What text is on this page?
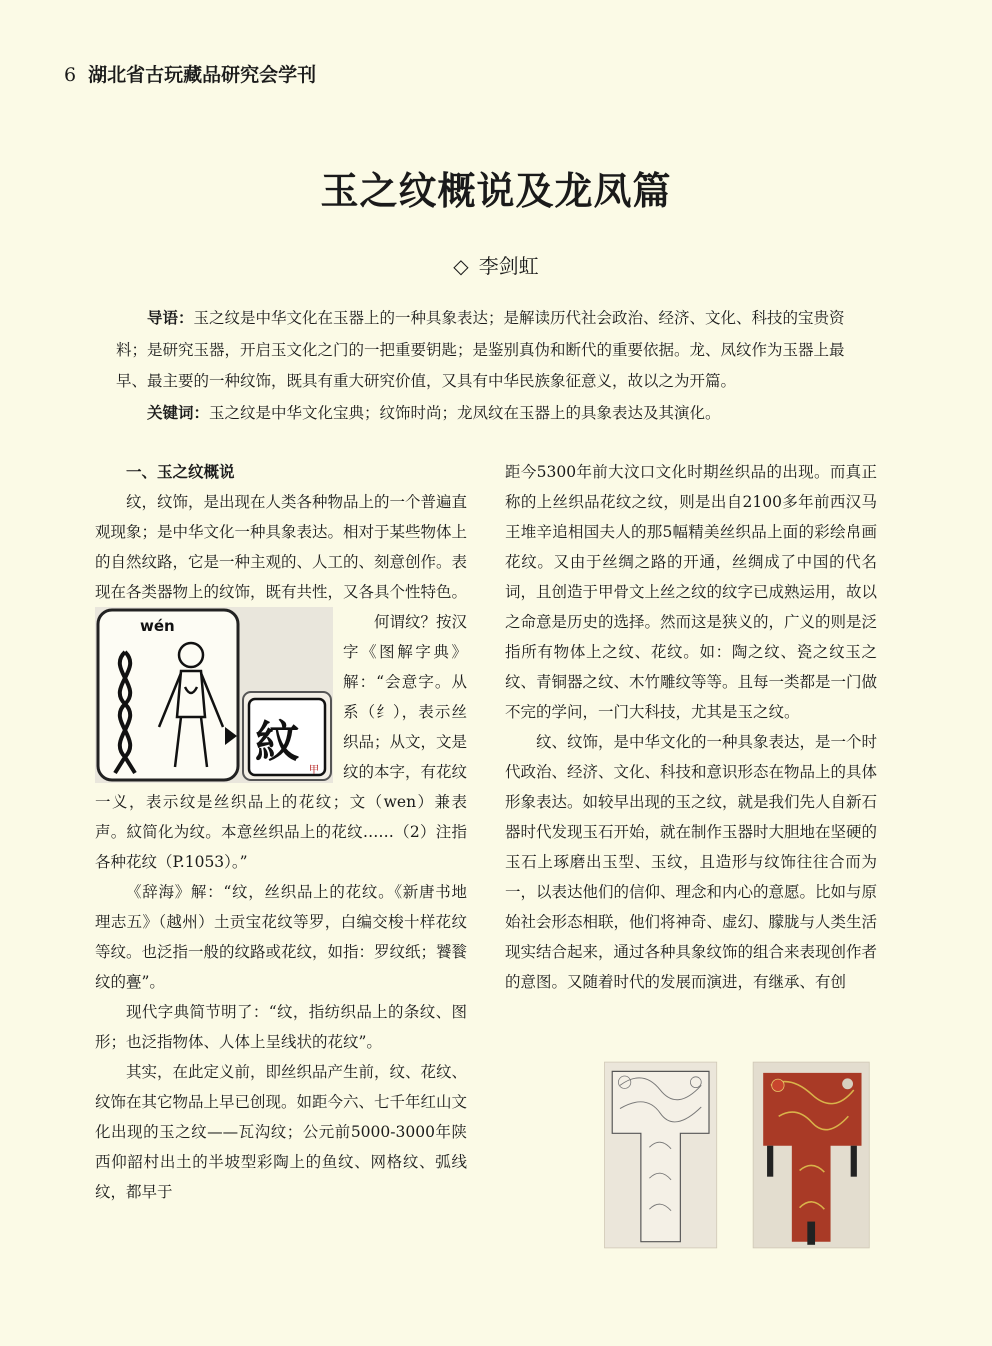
6 湖北省古玩藏品研究会学刊
玉之纹概说及龙凤篇
◇ 李剑虹

导语：玉之纹是中华文化在玉器上的一种具象表达；是解读历代社会政治、经济、文化、科技的宝贵资料；是研究玉器，开启玉文化之门的一把重要钥匙；是鉴别真伪和断代的重要依据。龙、凤纹作为玉器上最早、最主要的一种纹饰，既具有重大研究价值，又具有中华民族象征意义，故以之为开篇。

关键词：玉之纹是中华文化宝典；纹饰时尚；龙凤纹在玉器上的具象表达及其演化。

一、玉之纹概说

纹，纹饰，是出现在人类各种物品上的一个普遍直观现象；是中华文化一种具象表达。相对于某些物体上的自然纹路，它是一种主观的、人工的、刻意创作。表现在各类器物上的纹饰，既有共性，又各具个性特色。

wén
紋
甲

何谓纹？按汉字《图解字典》解：“会意字。从系（纟），表示丝织品；从文，文是纹的本字，有花纹一义，表示纹是丝织品上的花纹；文（wen）兼表声。紋简化为纹。本意丝织品上的花纹……（2）注指各种花纹（P.1053）。”

《辞海》解：“纹，丝织品上的花纹。《新唐书地理志五》（越州）土贡宝花纹等罗，白编交梭十样花纹等纹。也泛指一般的纹路或花纹，如指：罗纹纸；饕餮纹的亹”。

现代字典简节明了：“纹，指纺织品上的条纹、图形；也泛指物体、人体上呈线状的花纹”。

其实，在此定义前，即丝织品产生前，纹、花纹、纹饰在其它物品上早已创现。如距今六、七千年红山文化出现的玉之纹——瓦沟纹；公元前5000-3000年陕西仰韶村出土的半坡型彩陶上的鱼纹、网格纹、弧线纹，都早于

距今5300年前大汶口文化时期丝织品的出现。而真正称的上丝织品花纹之纹，则是出自2100多年前西汉马王堆辛追相国夫人的那5幅精美丝织品上面的彩绘帛画花纹。又由于丝绸之路的开通，丝绸成了中国的代名词，且创造于甲骨文上丝之纹的纹字已成熟运用，故以之命意是历史的选择。然而这是狭义的，广义的则是泛指所有物体上之纹、花纹。如：陶之纹、瓷之纹玉之纹、青铜器之纹、木竹雕纹等等。且每一类都是一门做不完的学问，一门大科技，尤其是玉之纹。

纹、纹饰，是中华文化的一种具象表达，是一个时代政治、经济、文化、科技和意识形态在物品上的具体形象表达。如较早出现的玉之纹，就是我们先人自新石器时代发现玉石开始，就在制作玉器时大胆地在坚硬的玉石上琢磨出玉型、玉纹，且造形与纹饰往往合而为一，以表达他们的信仰、理念和内心的意愿。比如与原始社会形态相联，他们将神奇、虚幻、朦胧与人类生活现实结合起来，通过各种具象纹饰的组合来表现创作者的意图。又随着时代的发展而演进，有继承、有创
